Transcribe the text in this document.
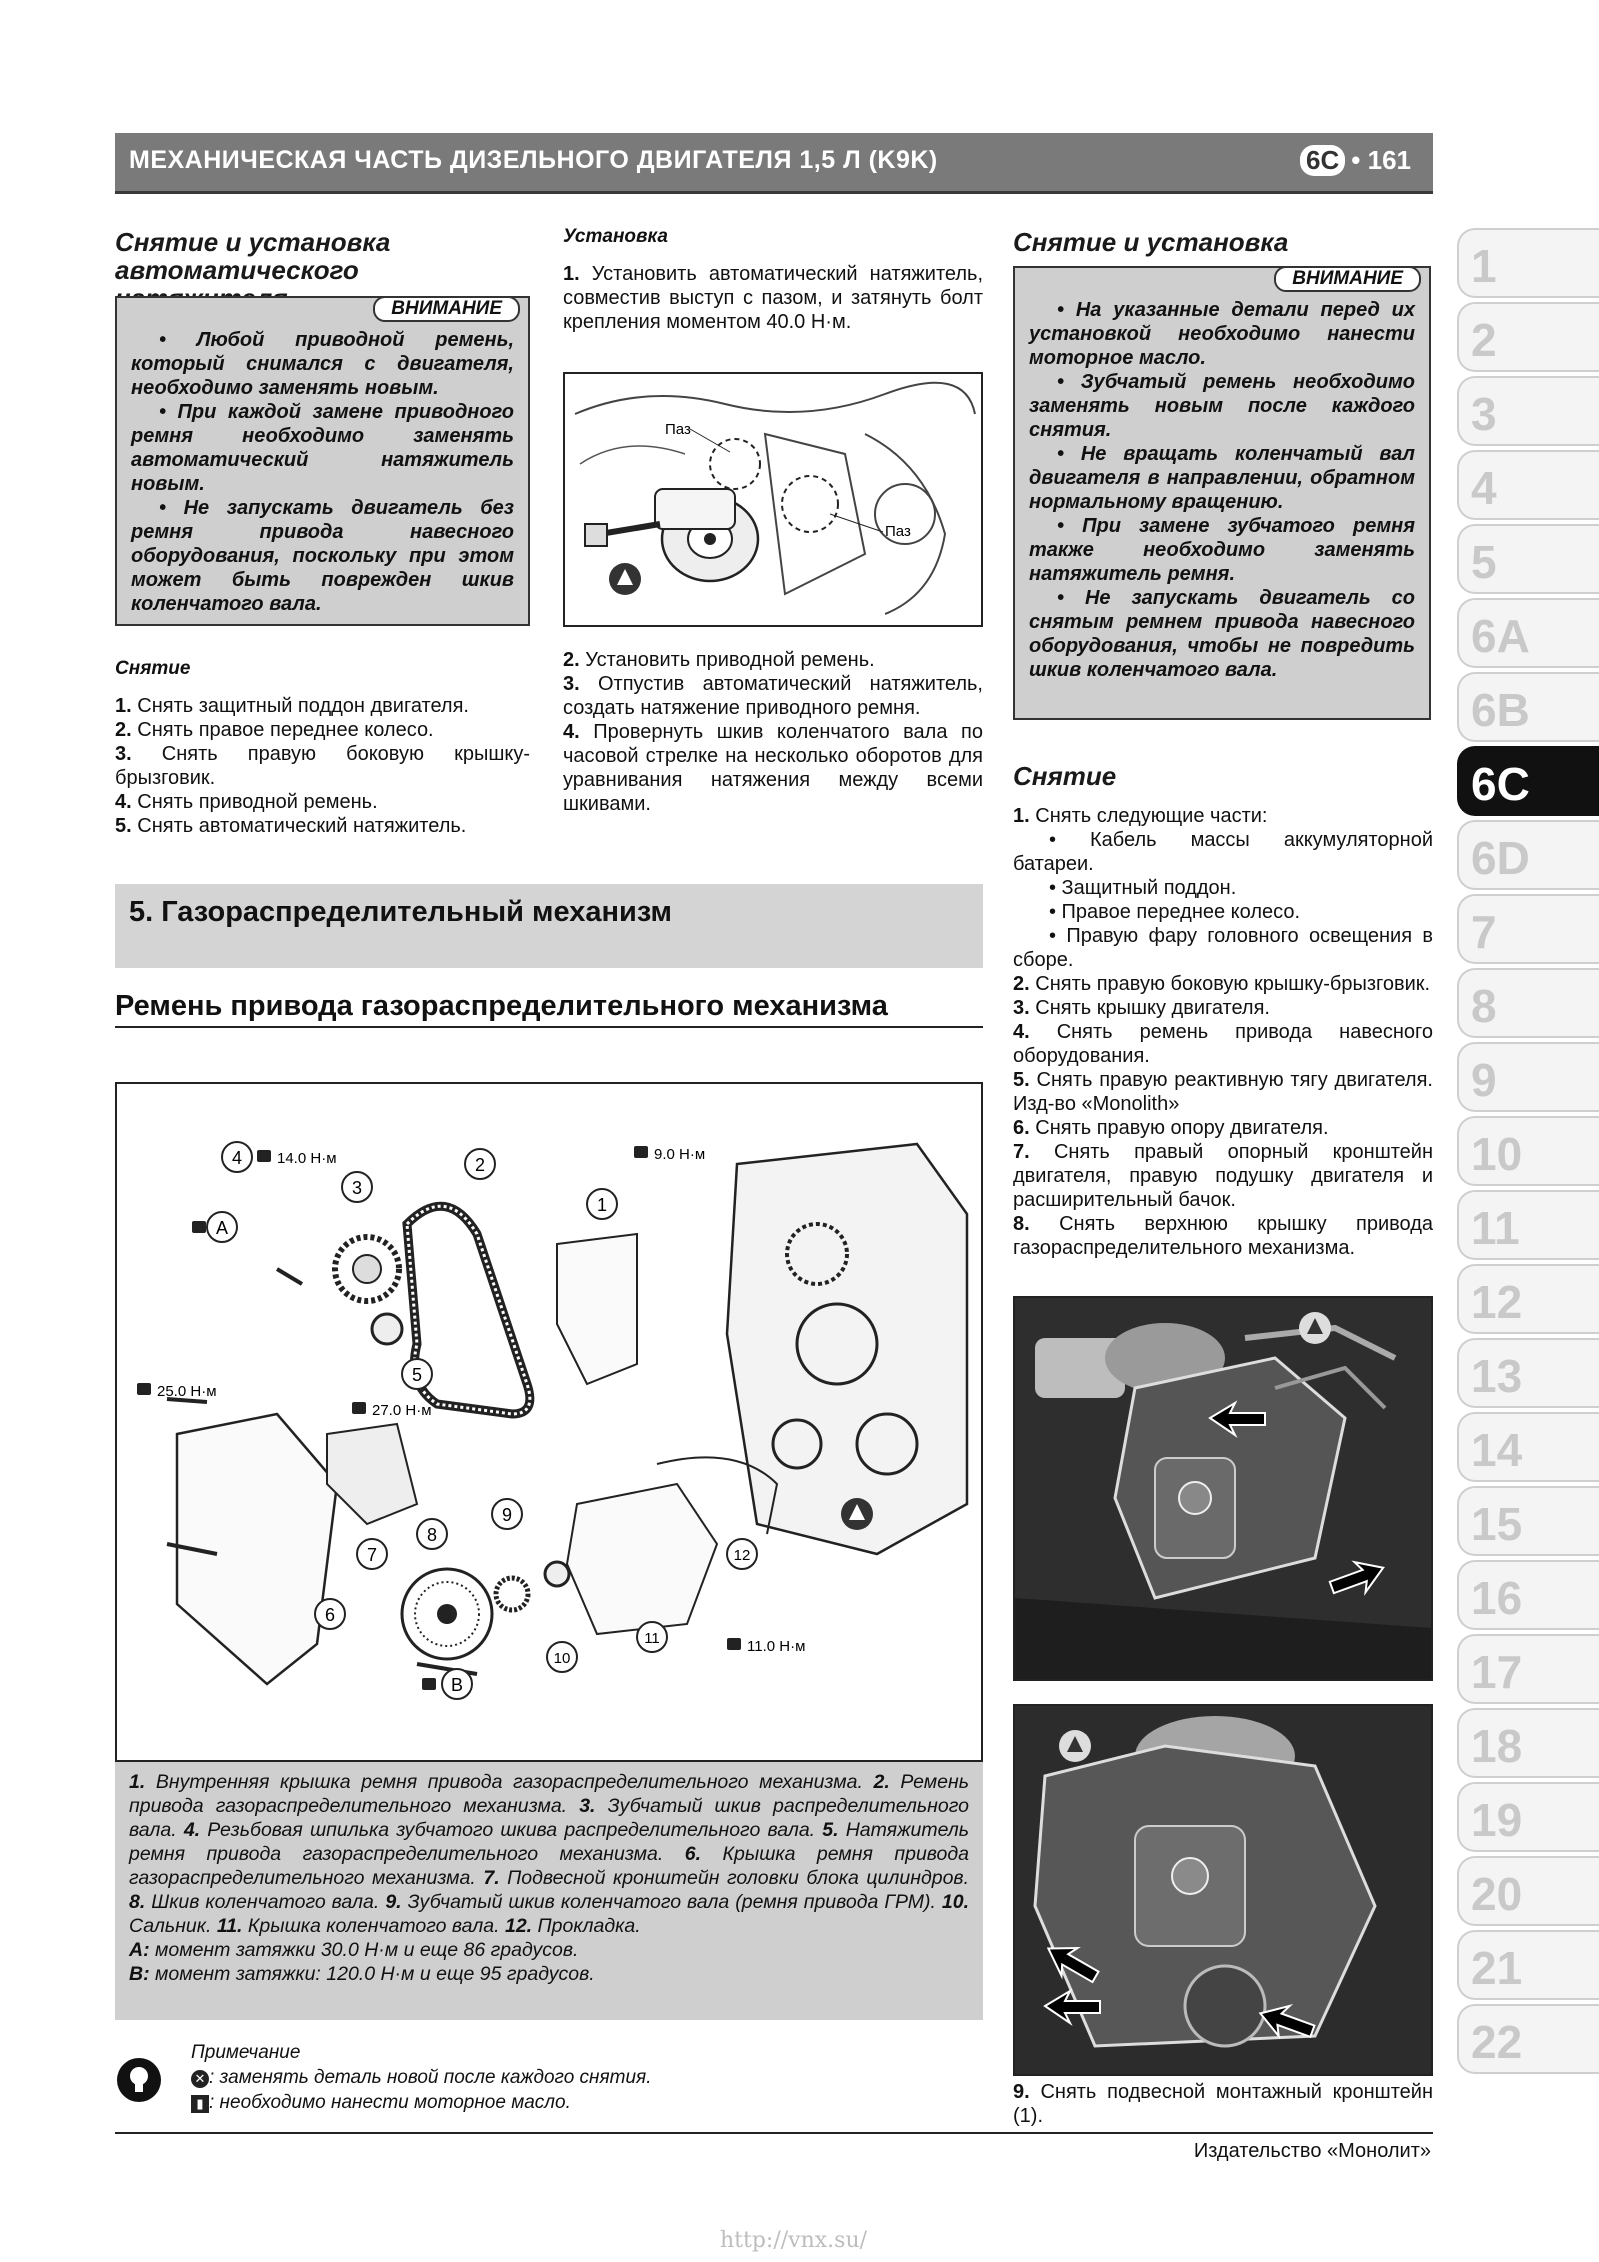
МЕХАНИЧЕСКАЯ ЧАСТЬ ДИЗЕЛЬНОГО ДВИГАТЕЛЯ 1,5 Л (K9K)	6C • 161
1
2
3
4
5
6A
6B
6C
6D
7
8
9
10
11
12
13
14
15
16
17
18
19
20
21
22
Снятие и установка автоматического
ВНИМАНИЕ

• Любой приводной ремень, который снимался с двигателя, необходимо заменять новым.

• При каждой замене приводного ремня необходимо заменять автоматический натяжитель новым.

• Не запускать двигатель без ремня привода навесного оборудования, поскольку при этом может быть поврежден шкив коленчатого вала.

Снятие

1. Снять защитный поддон двигателя.

2. Снять правое переднее колесо.

3. Снять правую боковую крышку-брызговик.

4. Снять приводной ремень.

5. Снять автоматический натяжитель.

Установка

1. Установить автоматический натяжитель, совместив выступ с пазом, и затянуть болт крепления моментом 40.0 Н·м.

Паз
Паз

2. Установить приводной ремень.

3. Отпустив автоматический натяжитель, создать натяжение приводного ремня.

4. Провернуть шкив коленчатого вала по часовой стрелке на несколько оборотов для уравнивания натяжения между всеми шкивами.

Снятие и установка
ВНИМАНИЕ

• На указанные детали перед их установкой необходимо нанести моторное масло.

• Зубчатый ремень необходимо заменять новым после каждого снятия.

• Не вращать коленчатый вал двигателя в направлении, обратном нормальному вращению.

• При замене зубчатого ремня также необходимо заменять натяжитель ремня.

• Не запускать двигатель со снятым ремнем привода навесного оборудования, чтобы не повредить шкив коленчатого вала.

Снятие

1. Снять следующие части:

• Кабель массы аккумуляторной батареи.

• Защитный поддон.

• Правое переднее колесо.

• Правую фару головного освещения в сборе.

2. Снять правую боковую крышку-брызговик.

3. Снять крышку двигателя.

4. Снять ремень привода навесного оборудования.

5. Снять правую реактивную тягу двигателя. Изд-во «Monolith»

6. Снять правую опору двигателя.

7. Снять правый опорный кронштейн двигателя, правую подушку двигателя и расширительный бачок.

8. Снять верхнюю крышку привода газораспределительного механизма.

9. Снять подвесной монтажный кронштейн (1).

5. Газораспределительный механизм
Ремень привода газораспределительного механизма
1
2
3
4
5
6
7
8
9
10
11
12
A
B
14.0 Н·м	9.0 Н·м
25.0 Н·м
27.0 Н·м
11.0 Н·м
1. Внутренняя крышка ремня привода газораспределительного механизма. 2. Ремень привода газораспределительного механизма. 3. Зубчатый шкив распределительного вала. 4. Резьбовая шпилька зубчатого шкива распределительного вала. 5. Натяжитель ремня привода газораспределительного механизма. 6. Крышка ремня привода газораспределительного механизма. 7. Подвесной кронштейн головки блока цилиндров. 8. Шкив коленчатого вала. 9. Зубчатый шкив коленчатого вала (ремня привода ГРМ). 10. Сальник. 11. Крышка коленчатого вала. 12. Прокладка.
A: момент затяжки 30.0 Н·м и еще 86 градусов.
B: момент затяжки: 120.0 Н·м и еще 95 градусов.

Примечание
✕ : заменять деталь новой после каждого снятия.
▮ : необходимо нанести моторное масло.
Издательство «Монолит»
http://vnx.su/
